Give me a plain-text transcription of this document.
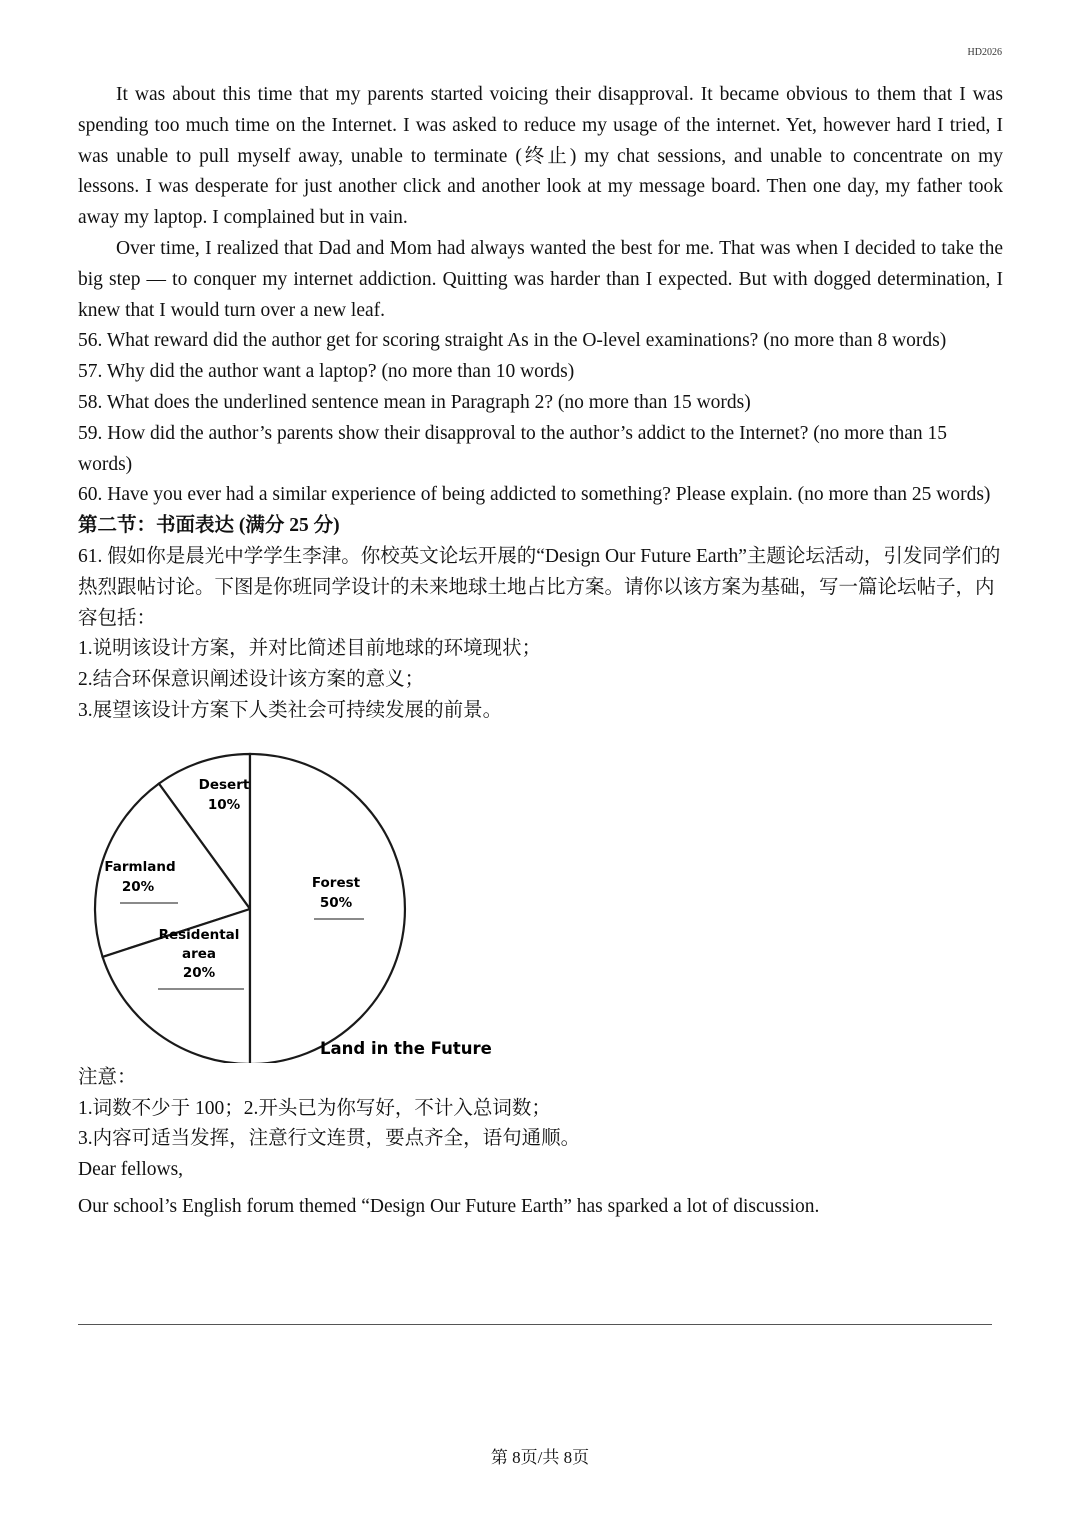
HD2026

It was about this time that my parents started voicing their disapproval. It became obvious to them that I was spending too much time on the Internet. I was asked to reduce my usage of the internet. Yet, however hard I tried, I was unable to pull myself away, unable to terminate (终止) my chat sessions, and unable to concentrate on my lessons. I was desperate for just another click and another look at my message board. Then one day, my father took away my laptop. I complained but in vain.

Over time, I realized that Dad and Mom had always wanted the best for me. That was when I decided to take the big step — to conquer my internet addiction. Quitting was harder than I expected. But with dogged determination, I knew that I would turn over a new leaf.

56. What reward did the author get for scoring straight As in the O-level examinations? (no more than 8 words)

57. Why did the author want a laptop? (no more than 10 words)

58. What does the underlined sentence mean in Paragraph 2? (no more than 15 words)

59. How did the author’s parents show their disapproval to the author’s addict to the Internet? (no more than 15 words)

60. Have you ever had a similar experience of being addicted to something? Please explain. (no more than 25 words)

第二节：书面表达 (满分 25 分)

61. 假如你是晨光中学学生李津。你校英文论坛开展的“Design Our Future Earth”主题论坛活动，引发同学们的热烈跟帖讨论。下图是你班同学设计的未来地球土地占比方案。请你以该方案为基础，写一篇论坛帖子，内容包括：

1.说明该设计方案，并对比简述目前地球的环境现状；

2.结合环保意识阐述设计该方案的意义；

3.展望该设计方案下人类社会可持续发展的前景。

Desert
10%
Farmland
20%
Residental
area
20%
Forest
50%
Land in the Future

注意：

1.词数不少于 100；2.开头已为你写好，不计入总词数；

3.内容可适当发挥，注意行文连贯，要点齐全，语句通顺。

Dear fellows,

Our school’s English forum themed “Design Our Future Earth” has sparked a lot of discussion.

第 8页/共 8页
